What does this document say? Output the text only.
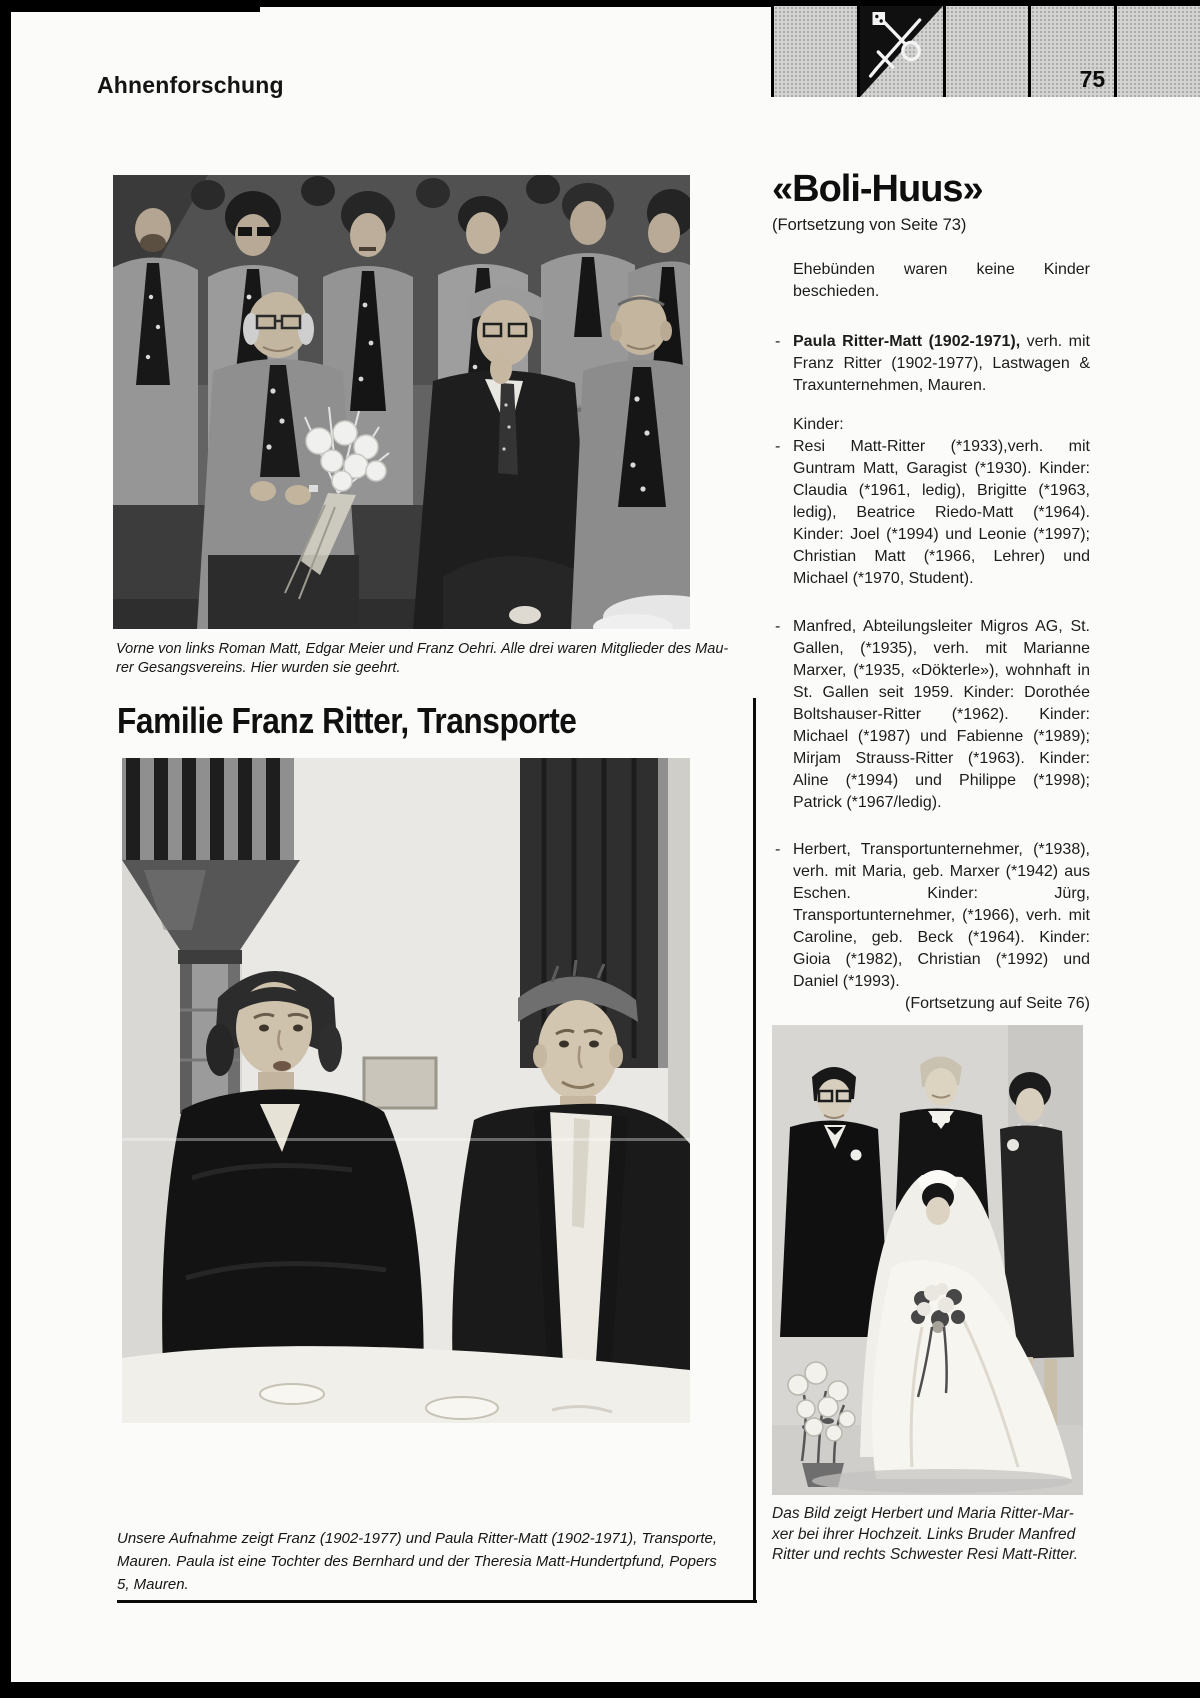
Ahnenforschung	75
Vorne von links Roman Matt, Edgar Meier und Franz Oehri. Alle drei waren Mitglieder des Mau-
rer Gesangsvereins. Hier wurden sie geehrt.
Familie Franz Ritter, Transporte
Unsere Aufnahme zeigt Franz (1902-1977) und Paula Ritter-Matt (1902-1971), Transporte,
Mauren. Paula ist eine Tochter des Bernhard und der Theresia Matt-Hundertpfund, Popers
5, Mauren.
«Boli-Huus»
(Fortsetzung von Seite 73)

Ehebünden waren keine Kinder beschieden.

- Paula Ritter-Matt (1902-1971), verh. mit Franz Ritter (1902-1977), Lastwagen & Traxunternehmen, Mauren.
Kinder:
- Resi Matt-Ritter (*1933),verh. mit Guntram Matt, Garagist (*1930). Kinder: Claudia (*1961, ledig), Brigitte (*1963, ledig), Beatrice Riedo-Matt (*1964). Kinder: Joel (*1994) und Leonie (*1997); Christian Matt (*1966, Lehrer) und Michael (*1970, Student).
- Manfred, Abteilungsleiter Migros AG, St. Gallen, (*1935), verh. mit Marianne Marxer, (*1935, «Dökterle»), wohnhaft in St. Gallen seit 1959. Kinder: Dorothée Boltshauser-Ritter (*1962). Kinder: Michael (*1987) und Fabienne (*1989); Mirjam Strauss-Ritter (*1963). Kinder: Aline (*1994) und Philippe (*1998); Patrick (*1967/ledig).
- Herbert, Transportunternehmer, (*1938), verh. mit Maria, geb. Marxer (*1942) aus Eschen. Kinder: Jürg, Transportunternehmer, (*1966), verh. mit Caroline, geb. Beck (*1964). Kinder: Gioia (*1982), Christian (*1992) und Daniel (*1993).
(Fortsetzung auf Seite 76)
Das Bild zeigt Herbert und Maria Ritter-Mar-
xer bei ihrer Hochzeit. Links Bruder Manfred
Ritter und rechts Schwester Resi Matt-Ritter.
